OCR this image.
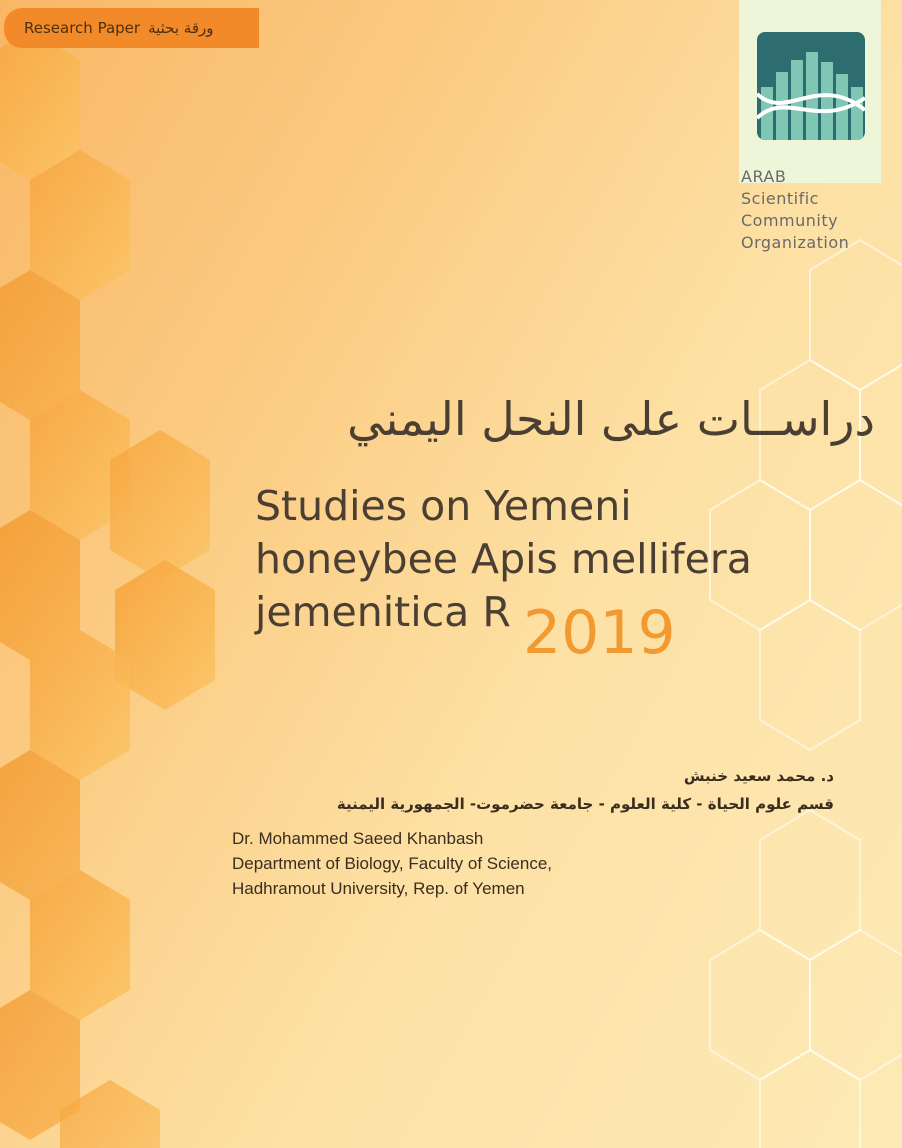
Research Paper ورقة بحثية
ARAB
Scientific
Community
Organization
دراســات على النحل اليمني
Studies on Yemeni
honeybee Apis mellifera
jemenitica R 2019
د. محمد سعيد خنبش
قسم علوم الحياة - كلية العلوم - جامعة حضرموت- الجمهورية اليمنية
Dr. Mohammed Saeed Khanbash
Department of Biology, Faculty of Science,
Hadhramout University, Rep. of Yemen
